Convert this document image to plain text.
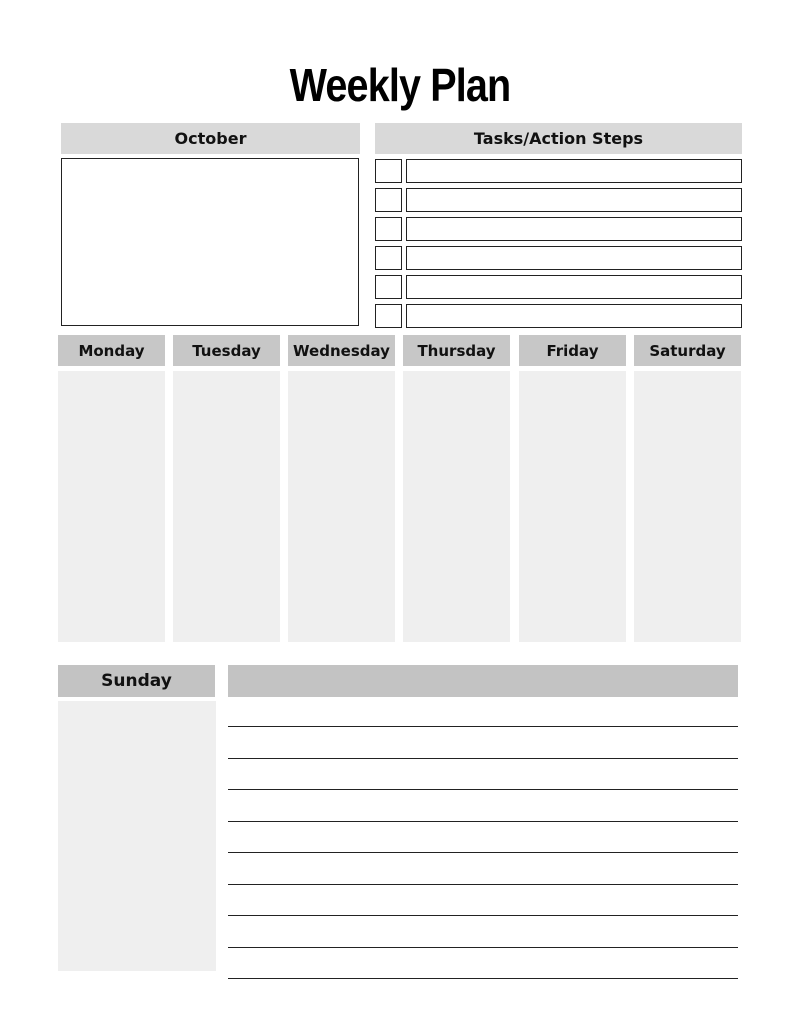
Weekly Plan
October	Tasks/Action Steps
Monday	Tuesday Wednesday Thursday	Friday	Saturday
Sunday
